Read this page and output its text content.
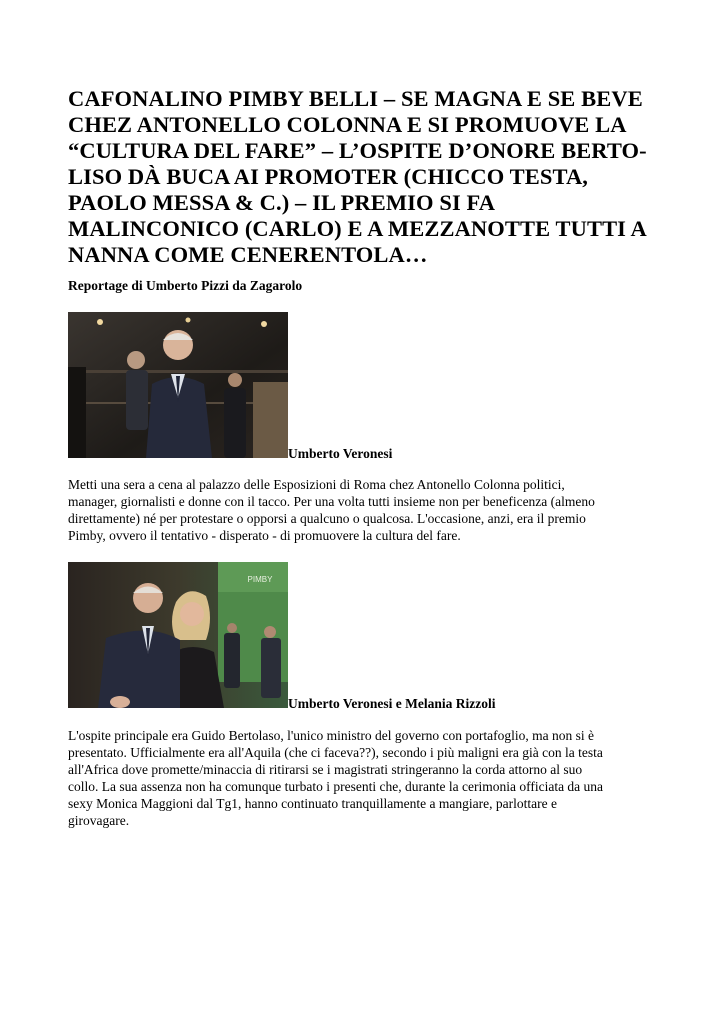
CAFONALINO PIMBY BELLI – SE MAGNA E SE BEVE
CHEZ ANTONELLO COLONNA E SI PROMUOVE LA
“CULTURA DEL FARE” – L’OSPITE D’ONORE BERTO-
LISO DÀ BUCA AI PROMOTER (CHICCO TESTA,
PAOLO MESSA & C.) – IL PREMIO SI FA
MALINCONICO (CARLO) E A MEZZANOTTE TUTTI A
NANNA COME CENERENTOLA…

Reportage di Umberto Pizzi da Zagarolo

Umberto Veronesi

Metti una sera a cena al palazzo delle Esposizioni di Roma chez Antonello Colonna politici,
manager, giornalisti e donne con il tacco. Per una volta tutti insieme non per beneficenza (almeno
direttamente) né per protestare o opporsi a qualcuno o qualcosa. L'occasione, anzi, era il premio
Pimby, ovvero il tentativo - disperato - di promuovere la cultura del fare.

PIMBY
Umberto Veronesi e Melania Rizzoli

L'ospite principale era Guido Bertolaso, l'unico ministro del governo con portafoglio, ma non si è
presentato. Ufficialmente era all'Aquila (che ci faceva??), secondo i più maligni era già con la testa
all'Africa dove promette/minaccia di ritirarsi se i magistrati stringeranno la corda attorno al suo
collo. La sua assenza non ha comunque turbato i presenti che, durante la cerimonia officiata da una
sexy Monica Maggioni dal Tg1, hanno continuato tranquillamente a mangiare, parlottare e
girovagare.
